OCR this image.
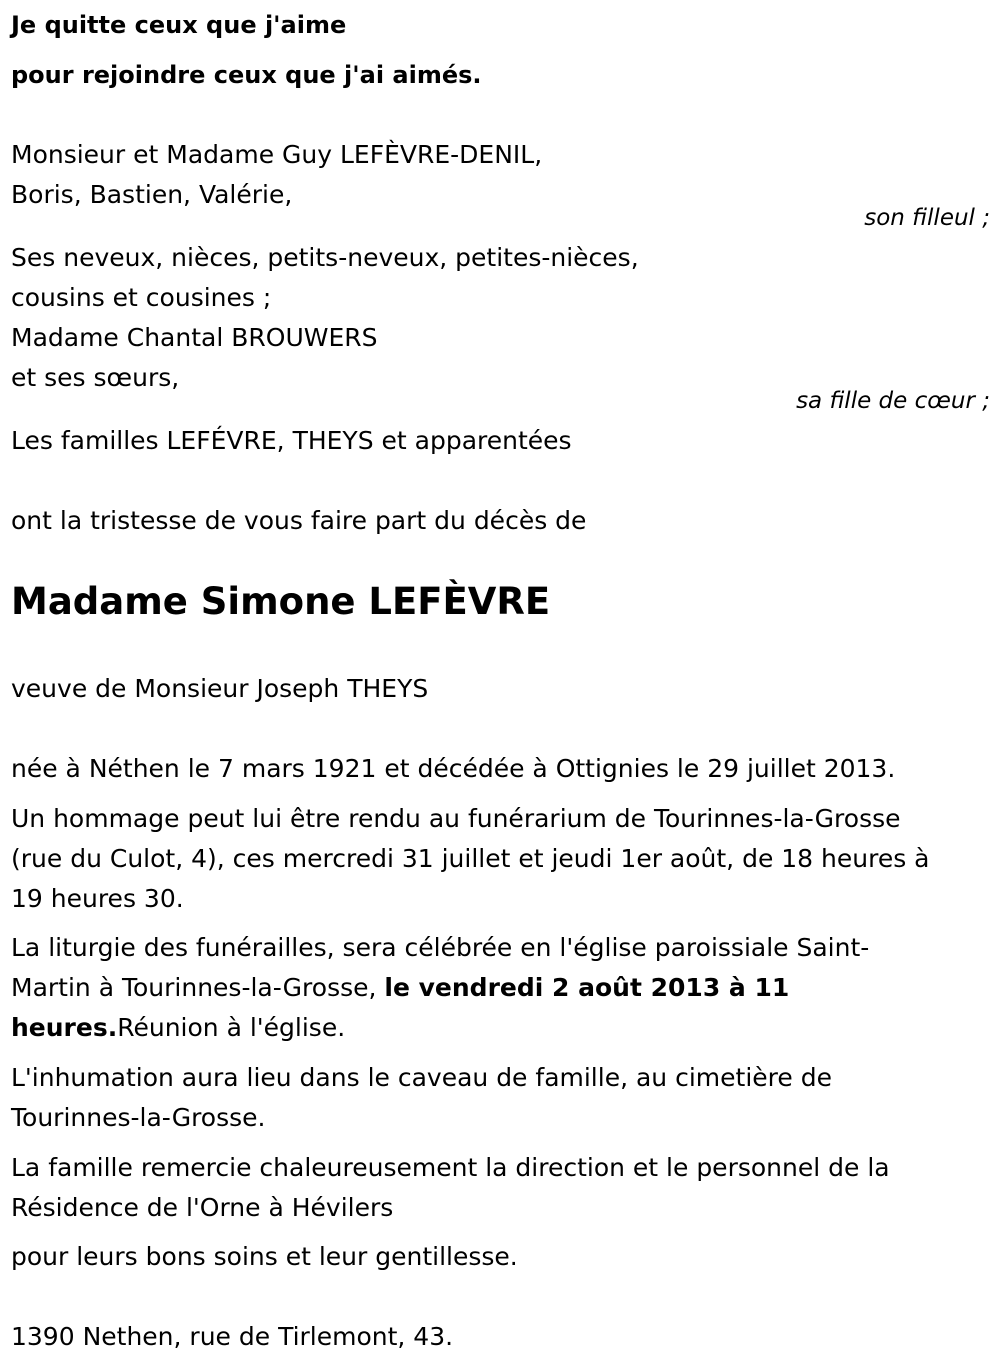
Je quitte ceux que j'aime
pour rejoindre ceux que j'ai aimés.
Monsieur et Madame Guy LEFÈVRE-DENIL,
Boris, Bastien, Valérie,
son filleul ;
Ses neveux, nièces, petits-neveux, petites-nièces,
cousins et cousines ;
Madame Chantal BROUWERS
et ses sœurs,
sa fille de cœur ;
Les familles LEFÉVRE, THEYS et apparentées
ont la tristesse de vous faire part du décès de
Madame Simone LEFÈVRE
veuve de Monsieur Joseph THEYS
née à Néthen le 7 mars 1921 et décédée à Ottignies le 29 juillet 2013.
Un hommage peut lui être rendu au funérarium de Tourinnes-la-Grosse
(rue du Culot, 4), ces mercredi 31 juillet et jeudi 1er août, de 18 heures à
19 heures 30.
La liturgie des funérailles, sera célébrée en l'église paroissiale Saint-
Martin à Tourinnes-la-Grosse, le vendredi 2 août 2013 à 11
heures.Réunion à l'église.
L'inhumation aura lieu dans le caveau de famille, au cimetière de
Tourinnes-la-Grosse.
La famille remercie chaleureusement la direction et le personnel de la
Résidence de l'Orne à Hévilers
pour leurs bons soins et leur gentillesse.
1390 Nethen, rue de Tirlemont, 43.
